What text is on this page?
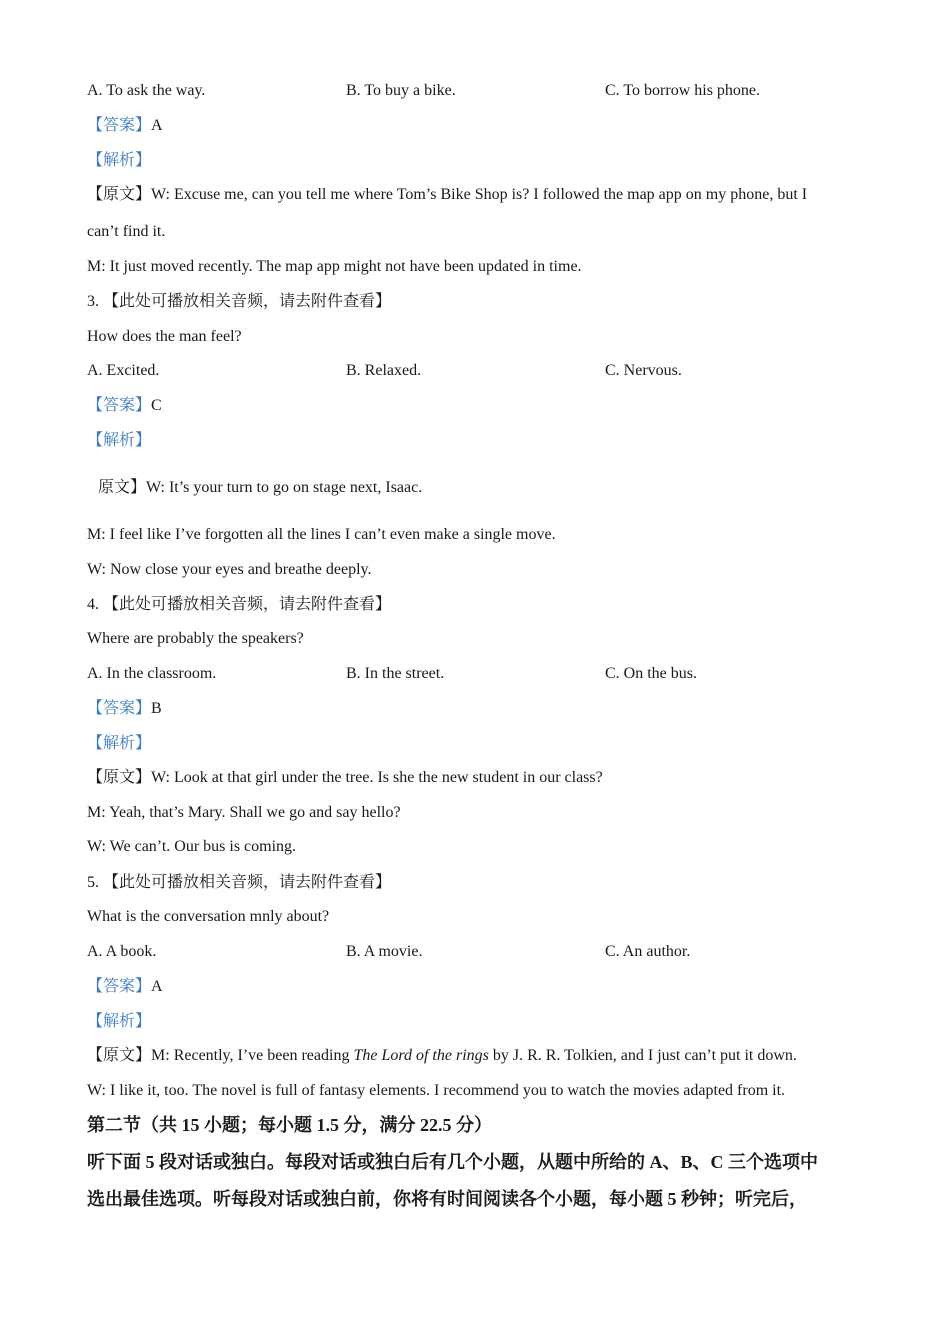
A. To ask the way.	B. To buy a bike.	C. To borrow his phone.
【答案】A
【解析】
【原文】W: Excuse me, can you tell me where Tom’s Bike Shop is? I followed the map app on my phone, but I
can’t find it.
M: It just moved recently. The map app might not have been updated in time.
3. 【此处可播放相关音频，请去附件查看】
How does the man feel?
A. Excited.	B. Relaxed.	C. Nervous.
【答案】C
【解析】
原文】W: It’s your turn to go on stage next, Isaac.
M: I feel like I’ve forgotten all the lines I can’t even make a single move.
W: Now close your eyes and breathe deeply.
4. 【此处可播放相关音频，请去附件查看】
Where are probably the speakers?
A. In the classroom.	B. In the street.	C. On the bus.
【答案】B
【解析】
【原文】W: Look at that girl under the tree. Is she the new student in our class?
M: Yeah, that’s Mary. Shall we go and say hello?
W: We can’t. Our bus is coming.
5. 【此处可播放相关音频，请去附件查看】
What is the conversation mnly about?
A. A book.	B. A movie.	C. An author.
【答案】A
【解析】
【原文】M: Recently, I’ve been reading The Lord of the rings by J. R. R. Tolkien, and I just can’t put it down.
W: I like it, too. The novel is full of fantasy elements. I recommend you to watch the movies adapted from it.
第二节（共 15 小题；每小题 1.5 分，满分 22.5 分）
听下面 5 段对话或独白。每段对话或独白后有几个小题，从题中所给的 A、B、C 三个选项中
选出最佳选项。听每段对话或独白前，你将有时间阅读各个小题，每小题 5 秒钟；听完后，
